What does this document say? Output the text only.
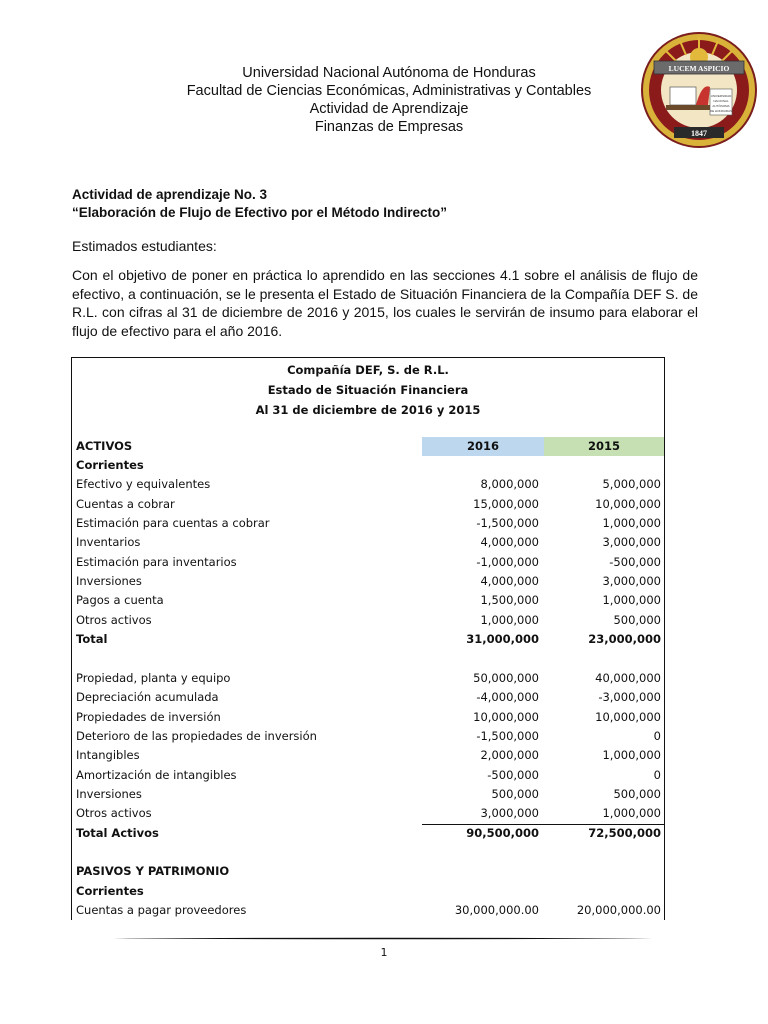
Universidad Nacional Autónoma de Honduras
Facultad de Ciencias Económicas, Administrativas y Contables
Actividad de Aprendizaje
Finanzas de Empresas
LUCEM ASPICIO
UNIVERSIDAD
NACIONAL
AUTÓNOMA
DE HONDURAS
1847
Actividad de aprendizaje No. 3
“Elaboración de Flujo de Efectivo por el Método Indirecto”
Estimados estudiantes:
Con el objetivo de poner en práctica lo aprendido en las secciones 4.1 sobre el análisis de flujo de efectivo, a continuación, se le presenta el Estado de Situación Financiera de la Compañía DEF S. de R.L. con cifras al 31 de diciembre de 2016 y 2015, los cuales le servirán de insumo para elaborar el flujo de efectivo para el año 2016.
Compañía DEF, S. de R.L.
Estado de Situación Financiera
Al 31 de diciembre de 2016 y 2015
ACTIVOS	2016	2015
Corrientes
Efectivo y equivalentes	8,000,000	5,000,000
Cuentas a cobrar	15,000,000	10,000,000
Estimación para cuentas a cobrar	-1,500,000	1,000,000
Inventarios	4,000,000	3,000,000
Estimación para inventarios	-1,000,000	-500,000
Inversiones	4,000,000	3,000,000
Pagos a cuenta	1,500,000	1,000,000
Otros activos	1,000,000	500,000
Total	31,000,000	23,000,000
Propiedad, planta y equipo	50,000,000	40,000,000
Depreciación acumulada	-4,000,000	-3,000,000
Propiedades de inversión	10,000,000	10,000,000
Deterioro de las propiedades de inversión	-1,500,000	0
Intangibles	2,000,000	1,000,000
Amortización de intangibles	-500,000	0
Inversiones	500,000	500,000
Otros activos	3,000,000	1,000,000
Total Activos	90,500,000	72,500,000
PASIVOS Y PATRIMONIO
Corrientes
Cuentas a pagar proveedores	30,000,000.00	20,000,000.00
1
